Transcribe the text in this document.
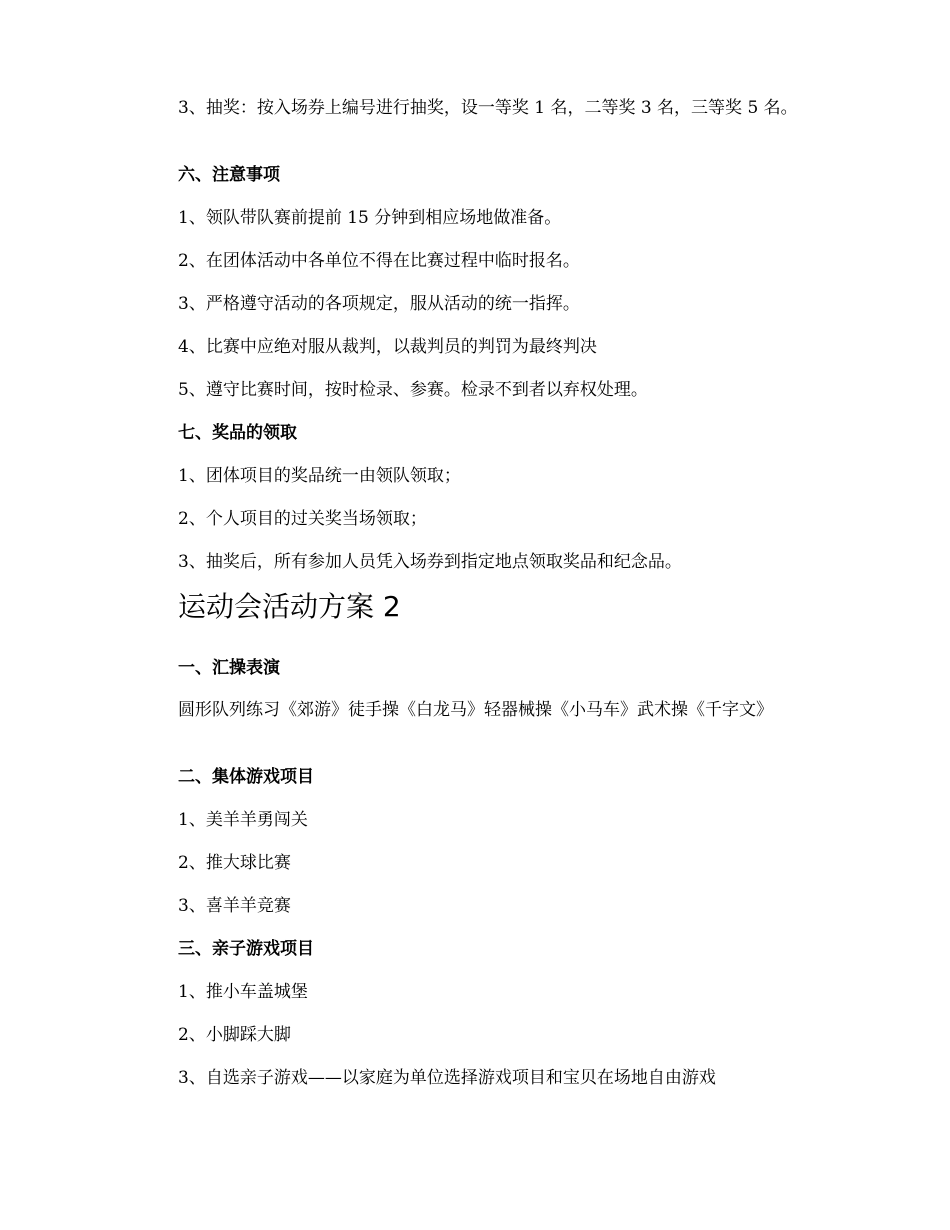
3、抽奖：按入场券上编号进行抽奖，设一等奖 1 名，二等奖 3 名，三等奖 5 名。
六、注意事项
1、领队带队赛前提前 15 分钟到相应场地做准备。
2、在团体活动中各单位不得在比赛过程中临时报名。
3、严格遵守活动的各项规定，服从活动的统一指挥。
4、比赛中应绝对服从裁判，以裁判员的判罚为最终判决
5、遵守比赛时间，按时检录、参赛。检录不到者以弃权处理。
七、奖品的领取
1、团体项目的奖品统一由领队领取；
2、个人项目的过关奖当场领取；
3、抽奖后，所有参加人员凭入场券到指定地点领取奖品和纪念品。
运动会活动方案 2
一、汇操表演
圆形队列练习《郊游》徒手操《白龙马》轻器械操《小马车》武术操《千字文》
二、集体游戏项目
1、美羊羊勇闯关
2、推大球比赛
3、喜羊羊竞赛
三、亲子游戏项目
1、推小车盖城堡
2、小脚踩大脚
3、自选亲子游戏——以家庭为单位选择游戏项目和宝贝在场地自由游戏
